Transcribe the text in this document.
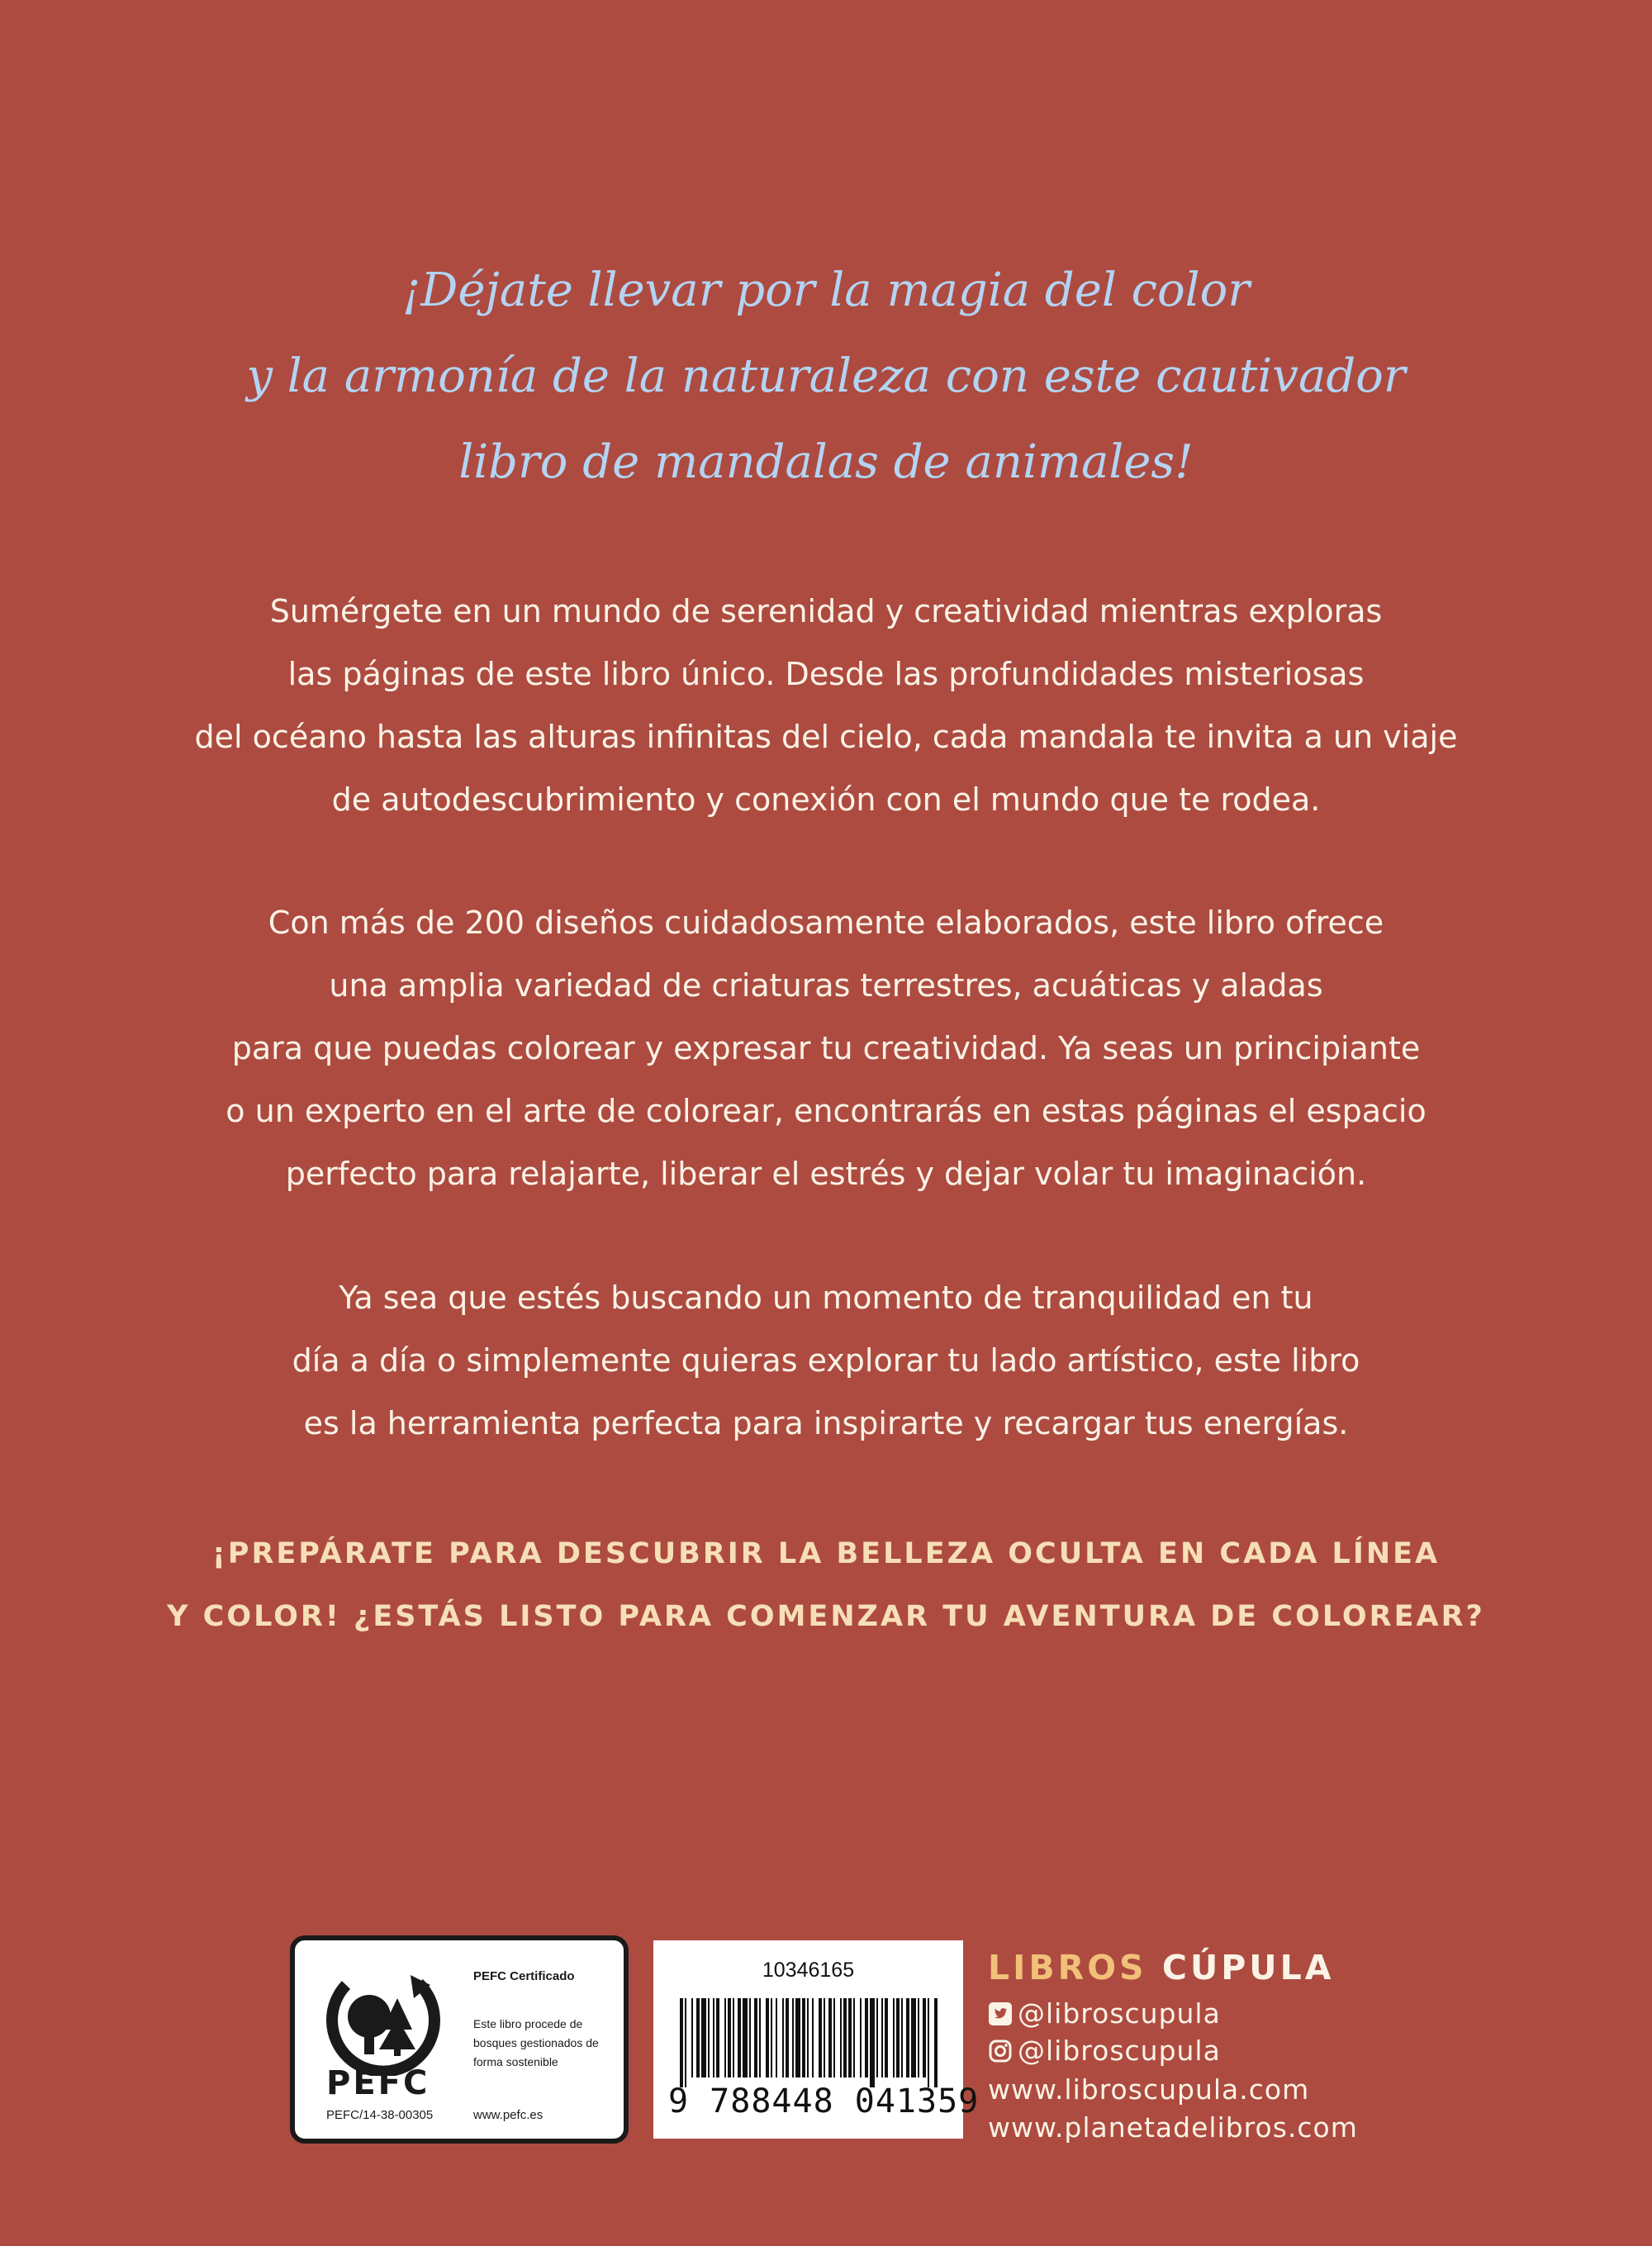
¡Déjate llevar por la magia del color
y la armonía de la naturaleza con este cautivador
libro de mandalas de animales!
Sumérgete en un mundo de serenidad y creatividad mientras exploras
las páginas de este libro único. Desde las profundidades misteriosas
del océano hasta las alturas infinitas del cielo, cada mandala te invita a un viaje
de autodescubrimiento y conexión con el mundo que te rodea.
Con más de 200 diseños cuidadosamente elaborados, este libro ofrece
una amplia variedad de criaturas terrestres, acuáticas y aladas
para que puedas colorear y expresar tu creatividad. Ya seas un principiante
o un experto en el arte de colorear, encontrarás en estas páginas el espacio
perfecto para relajarte, liberar el estrés y dejar volar tu imaginación.
Ya sea que estés buscando un momento de tranquilidad en tu
día a día o simplemente quieras explorar tu lado artístico, este libro
es la herramienta perfecta para inspirarte y recargar tus energías.
¡PREPÁRATE PARA DESCUBRIR LA BELLEZA OCULTA EN CADA LÍNEA
Y COLOR! ¿ESTÁS LISTO PARA COMENZAR TU AVENTURA DE COLOREAR?
PEFC
PEFC/14-38-00305
PEFC Certificado
Este libro procede de bosques gestionados de forma sostenible
www.pefc.es
10346165
9 788448 041359
LIBROS CÚPULA
@libroscupula
@libroscupula
www.libroscupula.com
www.planetadelibros.com
